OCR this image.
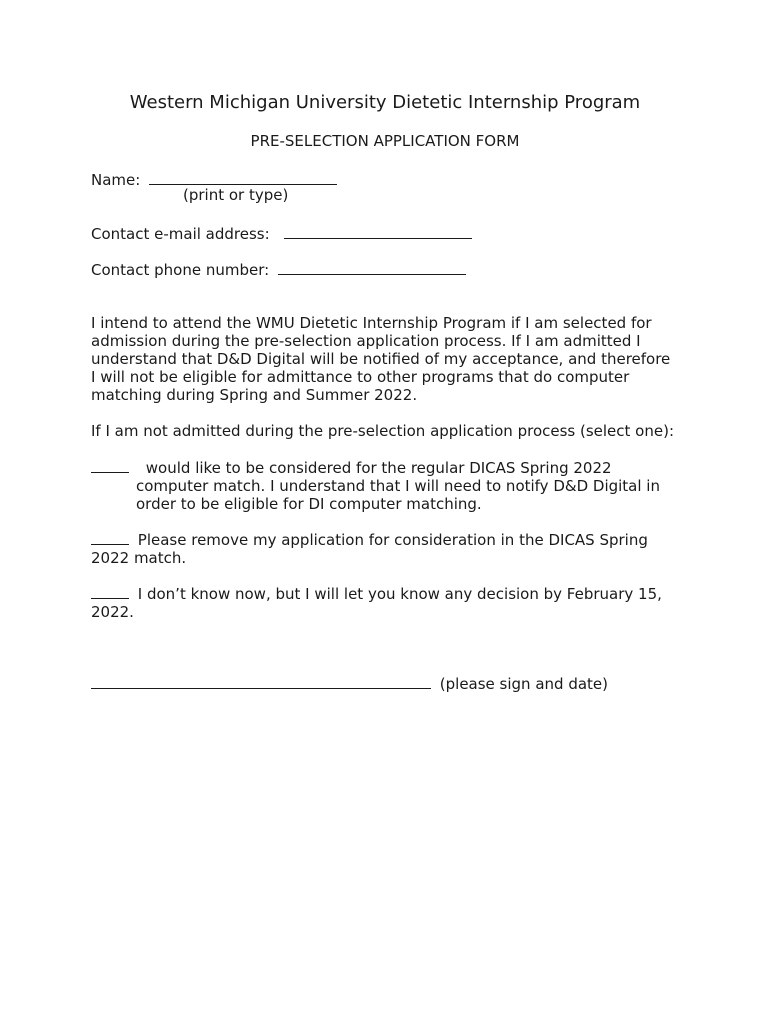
Western Michigan University Dietetic Internship Program
PRE-SELECTION APPLICATION FORM
Name:
(print or type)
Contact e-mail address:
Contact phone number:

I intend to attend the WMU Dietetic Internship Program if I am selected for

admission during the pre-selection application process. If I am admitted I

understand that D&D Digital will be notified of my acceptance, and therefore

I will not be eligible for admittance to other programs that do computer

matching during Spring and Summer 2022.

If I am not admitted during the pre-selection application process (select one):
would like to be considered for the regular DICAS Spring 2022
computer match. I understand that I will need to notify D&D Digital in
order to be eligible for DI computer matching.
Please remove my application for consideration in the DICAS Spring
2022 match.
I don’t know now, but I will let you know any decision by February 15,
2022.
(please sign and date)
